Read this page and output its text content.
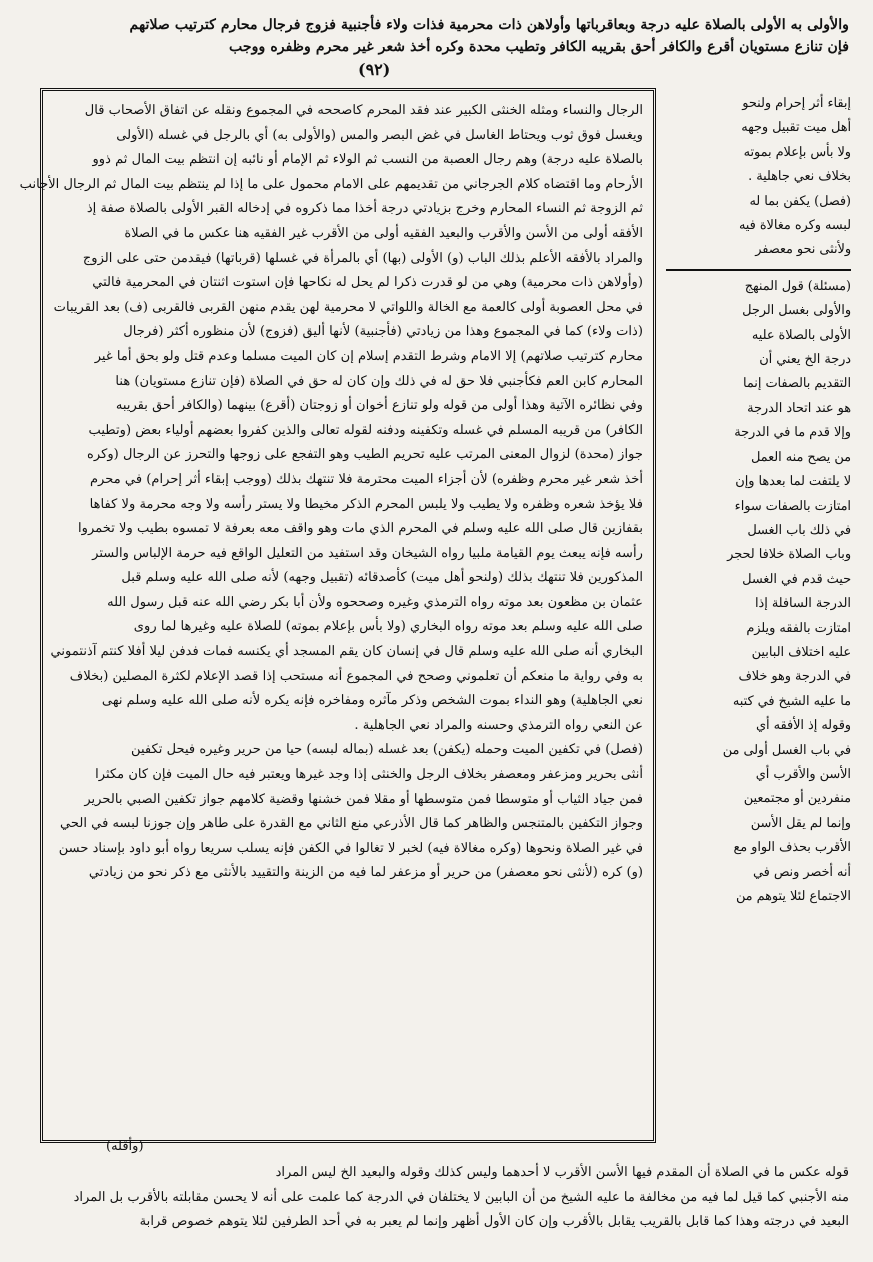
والأولى به الأولى بالصلاة عليه درجة وبعاقرباتها وأولاهن ذات محرمية فذات ولاء فأجنبية فزوج فرجال محارم كترتيب صلاتهم
فإن تنازع مستويان أقرع والكافر أحق بقريبه الكافر وتطيب محدة وكره أخذ شعر غير محرم وظفره ووجب
(٩٢)

الرجال والنساء ومثله الخنثى الكبير عند فقد المحرم كاصححه في المجموع ونقله عن اتفاق الأصحاب قال

ويغسل فوق ثوب ويحتاط الغاسل في غض البصر والمس (والأولى به) أي بالرجل في غسله (الأولى

بالصلاة عليه درجة) وهم رجال العصبة من النسب ثم الولاء ثم الإمام أو نائبه إن انتظم بيت المال ثم ذوو

الأرحام وما اقتضاه كلام الجرجاني من تقديمهم على الامام محمول على ما إذا لم ينتظم بيت المال ثم الرجال الأجانب

ثم الزوجة ثم النساء المحارم وخرج بزيادتي درجة أخذا مما ذكروه في إدخاله القبر الأولى بالصلاة صفة إذ

الأفقه أولى من الأسن والأقرب والبعيد الفقيه أولى من الأقرب غير الفقيه هنا عكس ما في الصلاة

والمراد بالأفقه الأعلم بذلك الباب (و) الأولى (بها) أي بالمرأة في غسلها (قرباتها) فيقدمن حتى على الزوج

(وأولاهن ذات محرمية) وهي من لو قدرت ذكرا لم يحل له نكاحها فإن استوت اثنتان في المحرمية فالتي

في محل العصوبة أولى كالعمة مع الخالة واللواتي لا محرمية لهن يقدم منهن القربى فالقربى (ف) بعد القريبات

(ذات ولاء) كما في المجموع وهذا من زيادتي (فأجنبية) لأنها أليق (فزوج) لأن منظوره أكثر (فرجال

محارم كترتيب صلاتهم) إلا الامام وشرط التقدم إسلام إن كان الميت مسلما وعدم قتل ولو بحق أما غير

المحارم كابن العم فكأجنبي فلا حق له في ذلك وإن كان له حق في الصلاة (فإن تنازع مستويان) هنا

وفي نظائره الآتية وهذا أولى من قوله ولو تنازع أخوان أو زوجتان (أقرع) بينهما (والكافر أحق بقريبه

الكافر) من قريبه المسلم في غسله وتكفينه ودفنه لقوله تعالى والذين كفروا بعضهم أولياء بعض (وتطيب

جواز (محدة) لزوال المعنى المرتب عليه تحريم الطيب وهو التفجع على زوجها والتحرز عن الرجال (وكره

أخذ شعر غير محرم وظفره) لأن أجزاء الميت محترمة فلا تنتهك بذلك (ووجب إبقاء أثر إحرام) في محرم

فلا يؤخذ شعره وظفره ولا يطيب ولا يلبس المحرم الذكر مخيطا ولا يستر رأسه ولا وجه محرمة ولا كفاها

بقفازين قال صلى الله عليه وسلم في المحرم الذي مات وهو واقف معه بعرفة لا تمسوه بطيب ولا تخمروا

رأسه فإنه يبعث يوم القيامة ملبيا رواه الشيخان وقد استفيد من التعليل الواقع فيه حرمة الإلباس والستر

المذكورين فلا تنتهك بذلك (ولنحو أهل ميت) كأصدقائه (تقبيل وجهه) لأنه صلى الله عليه وسلم قبل

عثمان بن مظعون بعد موته رواه الترمذي وغيره وصححوه ولأن أبا بكر رضي الله عنه قبل رسول الله

صلى الله عليه وسلم بعد موته رواه البخاري (ولا بأس بإعلام بموته) للصلاة عليه وغيرها لما روى

البخاري أنه صلى الله عليه وسلم قال في إنسان كان يقم المسجد أي يكنسه فمات فدفن ليلا أفلا كنتم آذنتموني

به وفي رواية ما منعكم أن تعلموني وصحح في المجموع أنه مستحب إذا قصد الإعلام لكثرة المصلين (بخلاف

نعي الجاهلية) وهو النداء بموت الشخص وذكر مآثره ومفاخره فإنه يكره لأنه صلى الله عليه وسلم نهى

عن النعي رواه الترمذي وحسنه والمراد نعي الجاهلية .

(فصل) في تكفين الميت وحمله (يكفن) بعد غسله (بماله لبسه) حيا من حرير وغيره فيحل تكفين

أنثى بحرير ومزعفر ومعصفر بخلاف الرجل والخنثى إذا وجد غيرها ويعتبر فيه حال الميت فإن كان مكثرا

فمن جياد الثياب أو متوسطا فمن متوسطها أو مقلا فمن خشنها وقضية كلامهم جواز تكفين الصبي بالحرير

وجواز التكفين بالمتنجس والظاهر كما قال الأذرعي منع الثاني مع القدرة على طاهر وإن جوزنا لبسه في الحي

في غير الصلاة ونحوها (وكره مغالاة فيه) لخبر لا تغالوا في الكفن فإنه يسلب سريعا رواه أبو داود بإسناد حسن

(و) كره (لأنثى نحو معصفر) من حرير أو مزعفر لما فيه من الزينة والتقييد بالأنثى مع ذكر نحو من زيادتي

إبقاء أثر إحرام ولنحو

أهل ميت تقبيل وجهه

ولا بأس بإعلام بموته

بخلاف نعي جاهلية .

(فصل) يكفن بما له

لبسه وكره مغالاة فيه

ولأنثى نحو معصفر

(مسئلة) قول المنهج

والأولى بغسل الرجل

الأولى بالصلاة عليه

درجة الخ يعني أن

التقديم بالصفات إنما

هو عند اتحاد الدرجة

وإلا قدم ما في الدرجة

من يصح منه العمل

لا يلتفت لما بعدها وإن

امتازت بالصفات سواء

في ذلك باب الغسل

وباب الصلاة خلافا لحجر

حيث قدم في الغسل

الدرجة السافلة إذا

امتازت بالفقه ويلزم

عليه اختلاف البابين

في الدرجة وهو خلاف

ما عليه الشيخ في كتبه

وقوله إذ الأفقه أي

في باب الغسل أولى من

الأسن والأقرب أي

منفردين أو مجتمعين

وإنما لم يقل الأسن

الأقرب بحذف الواو مع

أنه أخصر ونص في

الاجتماع لئلا يتوهم من

(وأقله)

قوله عكس ما في الصلاة أن المقدم فيها الأسن الأقرب لا أحدهما وليس كذلك وقوله والبعيد الخ ليس المراد

منه الأجنبي كما قيل لما فيه من مخالفة ما عليه الشيخ من أن البابين لا يختلفان في الدرجة كما علمت على أنه لا يحسن مقابلته بالأقرب بل المراد

البعيد في درجته وهذا كما قابل بالقريب يقابل بالأقرب وإن كان الأول أظهر وإنما لم يعبر به في أحد الطرفين لئلا يتوهم خصوص قرابة
